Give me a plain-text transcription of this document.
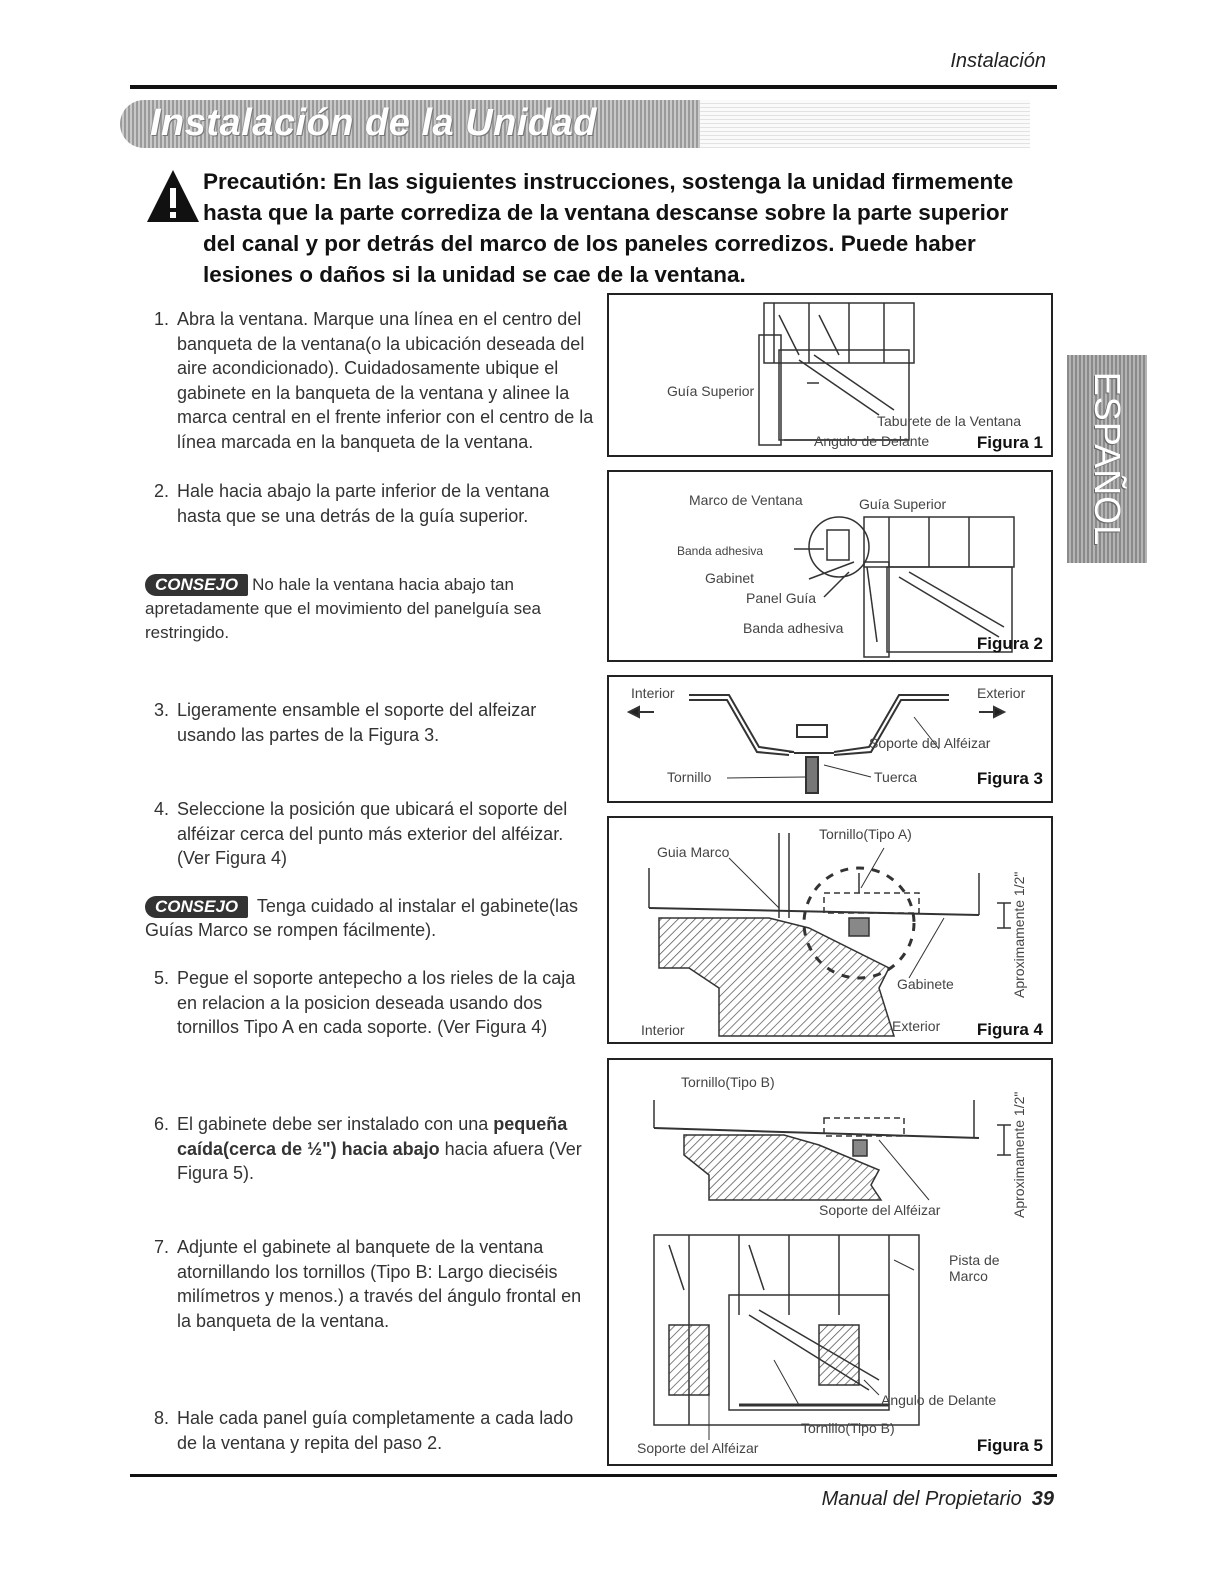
Instalación
Instalación de la Unidad
Precautión: En las siguientes instrucciones, sostenga la unidad firmemente hasta que la parte corrediza de la ventana descanse sobre la parte superior del canal y por detrás del marco de los paneles corredizos. Puede haber lesiones o daños si la unidad se cae de la ventana.
ESPAÑOL
1. Abra la ventana. Marque una línea en el centro del banqueta de la ventana(o la ubicación deseada del aire acondicionado). Cuidadosamente ubique el gabinete en la banqueta de la ventana y alinee la marca central en el frente inferior con el centro de la línea marcada en la banqueta de la ventana.
2. Hale hacia abajo la parte inferior de la ventana hasta que se una detrás de la guía superior.
CONSEJO No hale la ventana hacia abajo tan apretadamente que el movimiento del panelguía sea restringido.
3. Ligeramente ensamble el soporte del alfeizar usando las partes de la Figura 3.
4. Seleccione la posición que ubicará el soporte del alféizar cerca del punto más exterior del alféizar.(Ver Figura 4)
CONSEJO Tenga cuidado al instalar el gabinete(las Guías Marco se rompen fácilmente).
5. Pegue el soporte antepecho a los rieles de la caja en relacion a la posicion deseada usando dos tornillos Tipo A en cada soporte. (Ver Figura 4)
6. El gabinete debe ser instalado con una pequeña caída(cerca de ½") hacia abajo hacia afuera (Ver Figura 5).
7. Adjunte el gabinete al banquete de la ventana atornillando los tornillos (Tipo B: Largo dieciséis milímetros y menos.) a través del ángulo frontal en la banqueta de la ventana.
8. Hale cada panel guía completamente a cada lado de la ventana y repita del paso 2.
Guía Superior
Taburete de la Ventana
Angulo de Delante	Figura 1
Marco de Ventana	Guía Superior
Banda adhesiva
Gabinet
Panel Guía
Banda adhesiva
Figura 2
Interior	Exterior
Soporte del Alféizar
Tornillo	Tuerca	Figura 3
Guia Marco
Tornillo(Tipo A)
Aproximamente 1/2"
Gabinete
Interior	Exterior Figura 4
Tornillo(Tipo B)
Aproximamente 1/2"
Soporte del Alféizar
Pista de Marco
Angulo de Delante
Tornillo(Tipo B)
Soporte del Alféizar	Figura 5
Manual del Propietario 39
